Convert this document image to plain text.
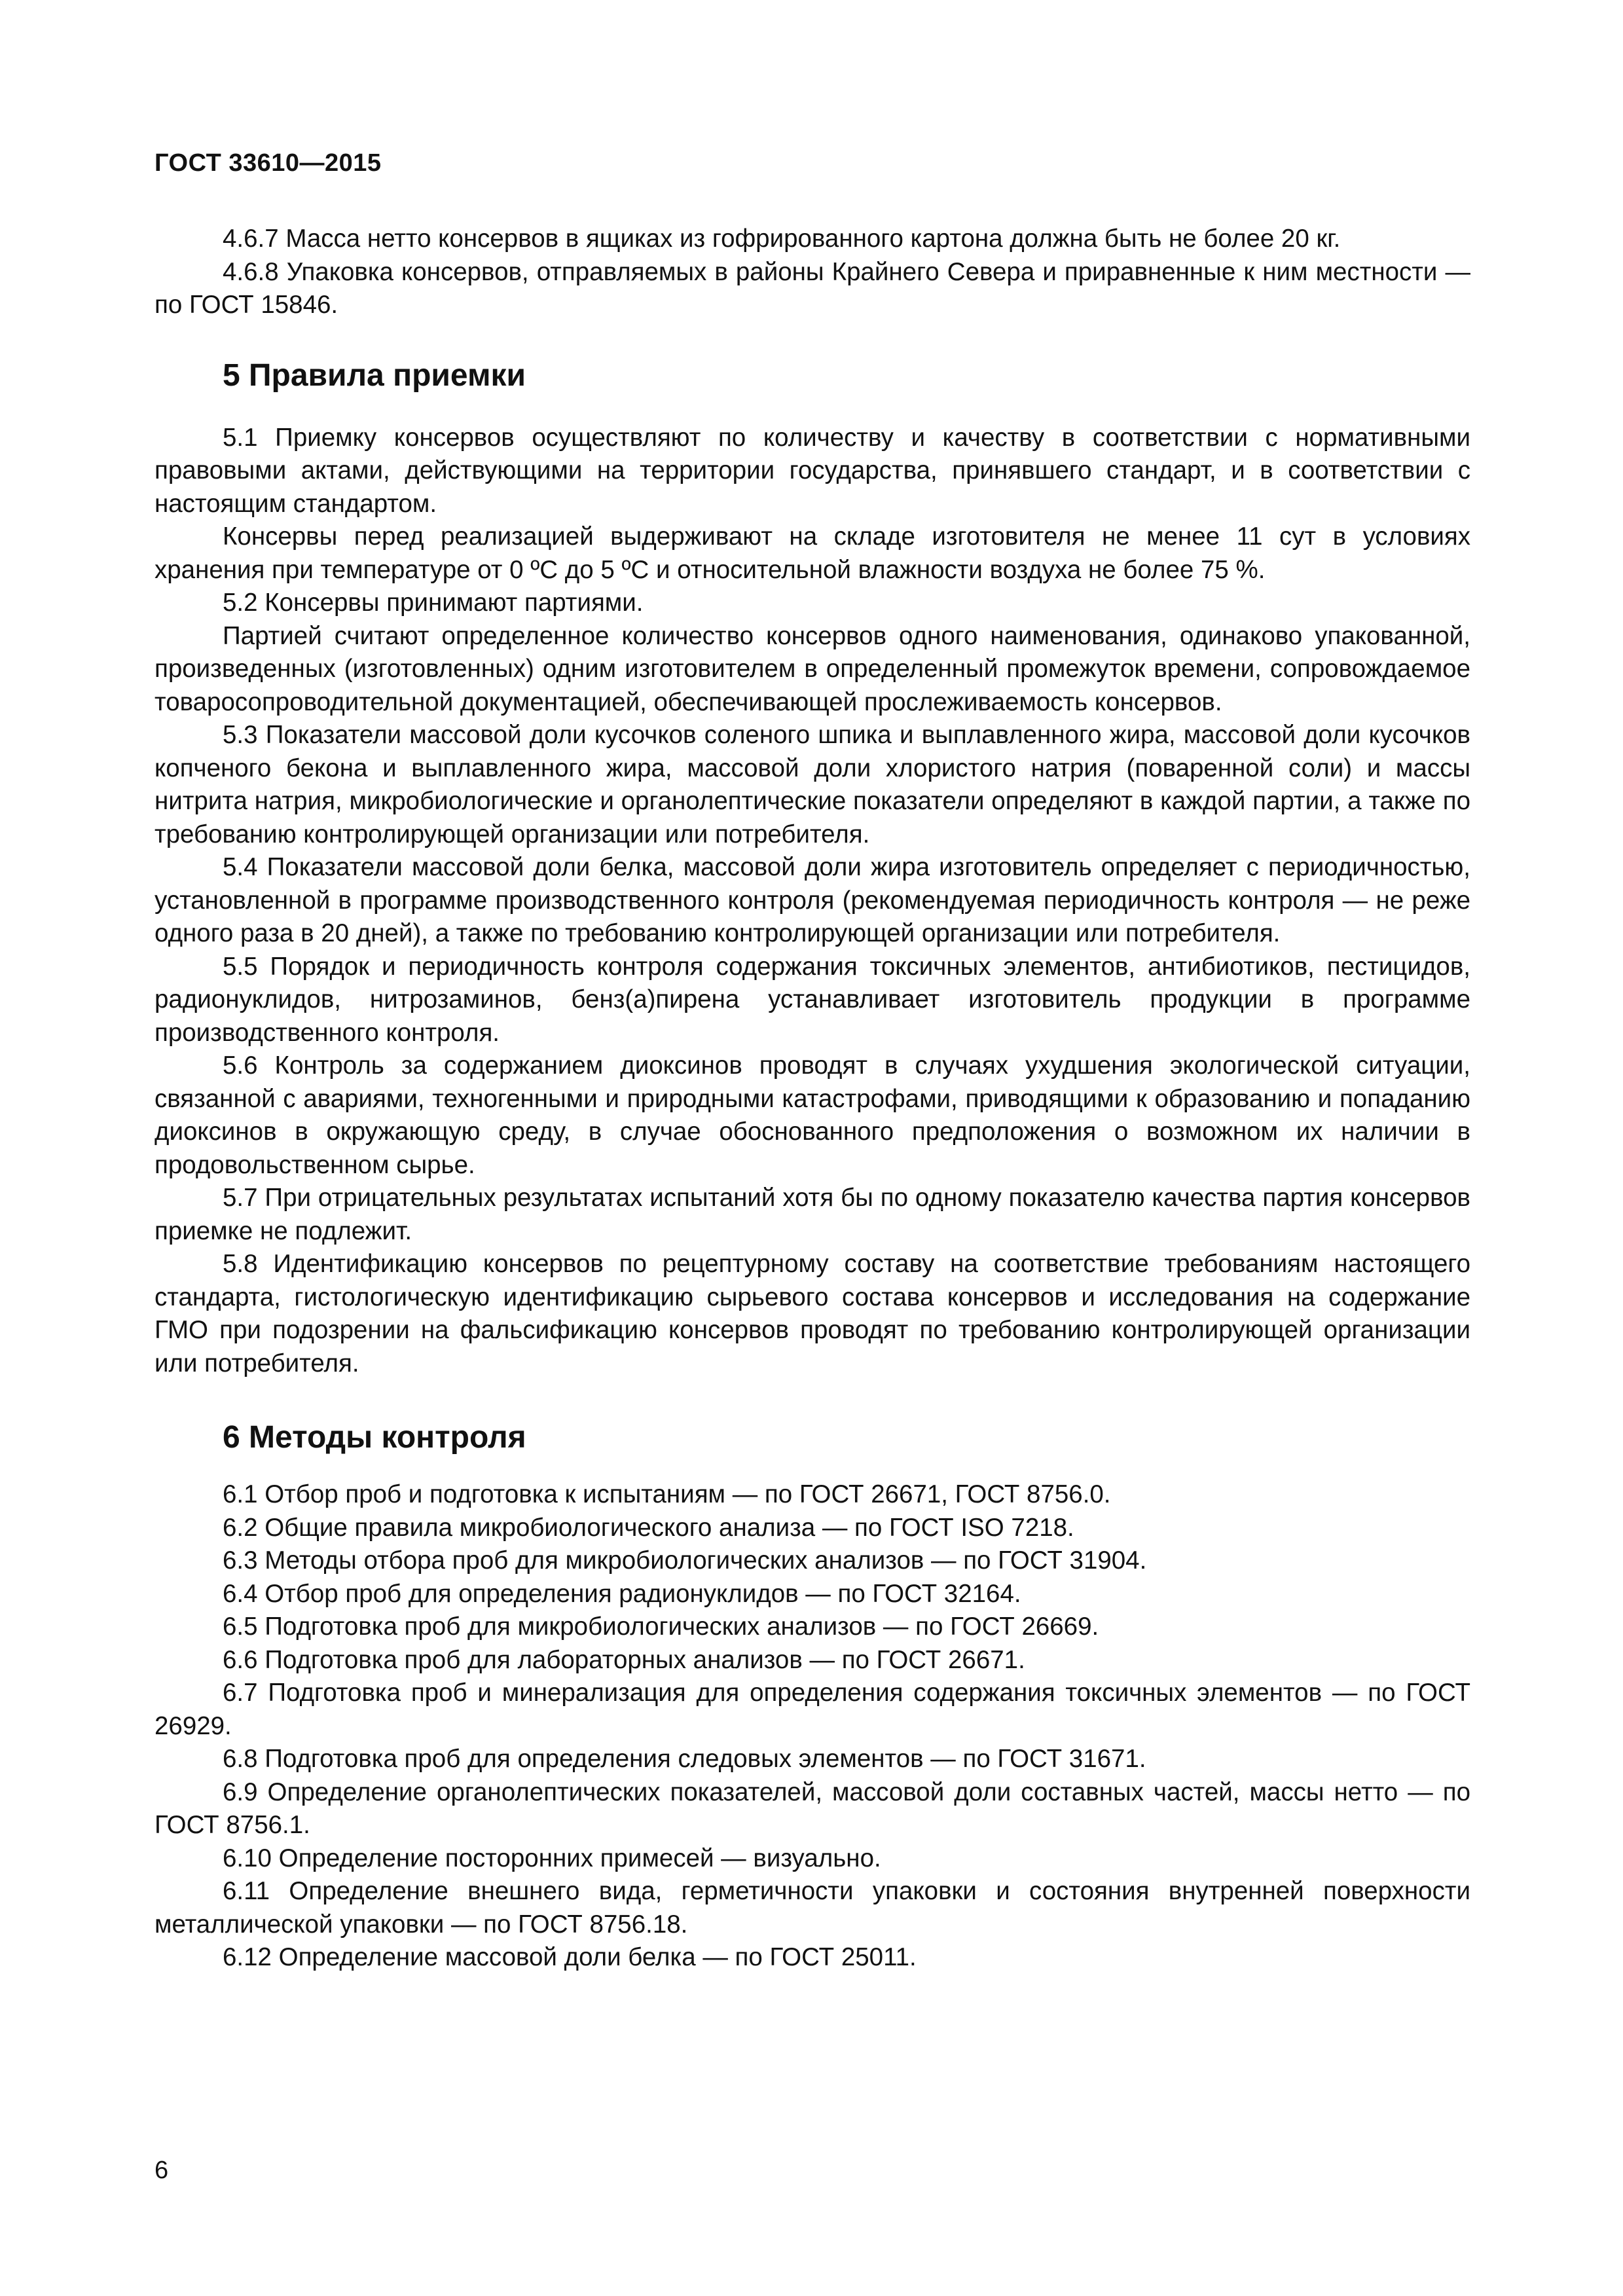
ГОСТ 33610—2015

4.6.7 Масса нетто консервов в ящиках из гофрированного картона должна быть не более 20 кг.

4.6.8 Упаковка консервов, отправляемых в районы Крайнего Севера и приравненные к ним местности — по ГОСТ 15846.

5 Правила приемки

5.1 Приемку консервов осуществляют по количеству и качеству в соответствии с нормативными правовыми актами, действующими на территории государства, принявшего стандарт, и в соответствии с настоящим стандартом.

Консервы перед реализацией выдерживают на складе изготовителя не менее 11 сут в условиях хранения при температуре от 0 ºС до 5 ºС и относительной влажности воздуха не более 75 %.

5.2 Консервы принимают партиями.

Партией считают определенное количество консервов одного наименования, одинаково упакованной, произведенных (изготовленных) одним изготовителем в определенный промежуток времени, сопровождаемое товаросопроводительной документацией, обеспечивающей прослеживаемость консервов.

5.3 Показатели массовой доли кусочков соленого шпика и выплавленного жира, массовой доли кусочков копченого бекона и выплавленного жира, массовой доли хлористого натрия (поваренной соли) и массы нитрита натрия, микробиологические и органолептические показатели определяют в каждой партии, а также по требованию контролирующей организации или потребителя.

5.4 Показатели массовой доли белка, массовой доли жира изготовитель определяет с периодичностью, установленной в программе производственного контроля (рекомендуемая периодичность контроля — не реже одного раза в 20 дней), а также по требованию контролирующей организации или потребителя.

5.5 Порядок и периодичность контроля содержания токсичных элементов, антибиотиков, пестицидов, радионуклидов, нитрозаминов, бенз(а)пирена устанавливает изготовитель продукции в программе производственного контроля.

5.6 Контроль за содержанием диоксинов проводят в случаях ухудшения экологической ситуации, связанной с авариями, техногенными и природными катастрофами, приводящими к образованию и попаданию диоксинов в окружающую среду, в случае обоснованного предположения о возможном их наличии в продовольственном сырье.

5.7 При отрицательных результатах испытаний хотя бы по одному показателю качества партия консервов приемке не подлежит.

5.8 Идентификацию консервов по рецептурному составу на соответствие требованиям настоящего стандарта, гистологическую идентификацию сырьевого состава консервов и исследования на содержание ГМО при подозрении на фальсификацию консервов проводят по требованию контролирующей организации или потребителя.

6 Методы контроля

6.1 Отбор проб и подготовка к испытаниям — по ГОСТ 26671, ГОСТ 8756.0.

6.2 Общие правила микробиологического анализа — по ГОСТ ISO 7218.

6.3 Методы отбора проб для микробиологических анализов — по ГОСТ 31904.

6.4 Отбор проб для определения радионуклидов — по ГОСТ 32164.

6.5 Подготовка проб для микробиологических анализов — по ГОСТ 26669.

6.6 Подготовка проб для лабораторных анализов — по ГОСТ 26671.

6.7 Подготовка проб и минерализация для определения содержания токсичных элементов — по ГОСТ 26929.

6.8 Подготовка проб для определения следовых элементов — по ГОСТ 31671.

6.9 Определение органолептических показателей, массовой доли составных частей, массы нетто — по ГОСТ 8756.1.

6.10 Определение посторонних примесей — визуально.

6.11 Определение внешнего вида, герметичности упаковки и состояния внутренней поверхности металлической упаковки — по ГОСТ 8756.18.

6.12 Определение массовой доли белка — по ГОСТ 25011.

6
